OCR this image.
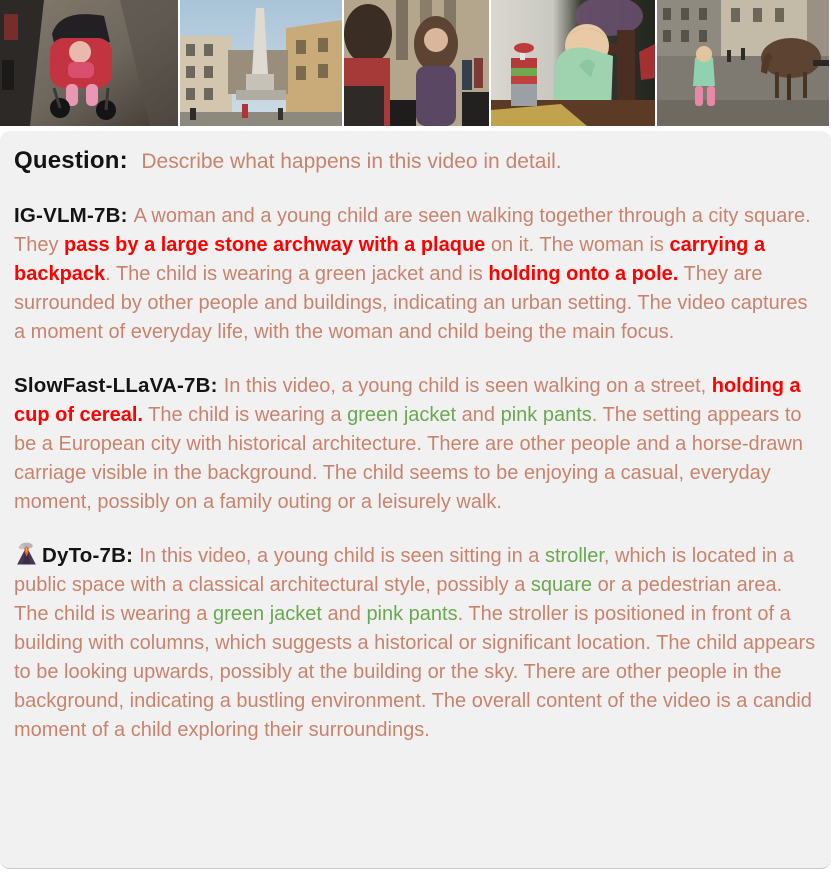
Question: Describe what happens in this video in detail.

IG-VLM-7B: A woman and a young child are seen walking together through a city square. They pass by a large stone archway with a plaque on it. The woman is carrying a backpack. The child is wearing a green jacket and is holding onto a pole. They are surrounded by other people and buildings, indicating an urban setting. The video captures a moment of everyday life, with the woman and child being the main focus.

SlowFast-LLaVA-7B: In this video, a young child is seen walking on a street, holding a cup of cereal. The child is wearing a green jacket and pink pants. The setting appears to be a European city with historical architecture. There are other people and a horse-drawn carriage visible in the background. The child seems to be enjoying a casual, everyday moment, possibly on a family outing or a leisurely walk.

DyTo-7B: In this video, a young child is seen sitting in a stroller, which is located in a public space with a classical architectural style, possibly a square or a pedestrian area. The child is wearing a green jacket and pink pants. The stroller is positioned in front of a building with columns, which suggests a historical or significant location. The child appears to be looking upwards, possibly at the building or the sky. There are other people in the background, indicating a bustling environment. The overall content of the video is a candid moment of a child exploring their surroundings.
